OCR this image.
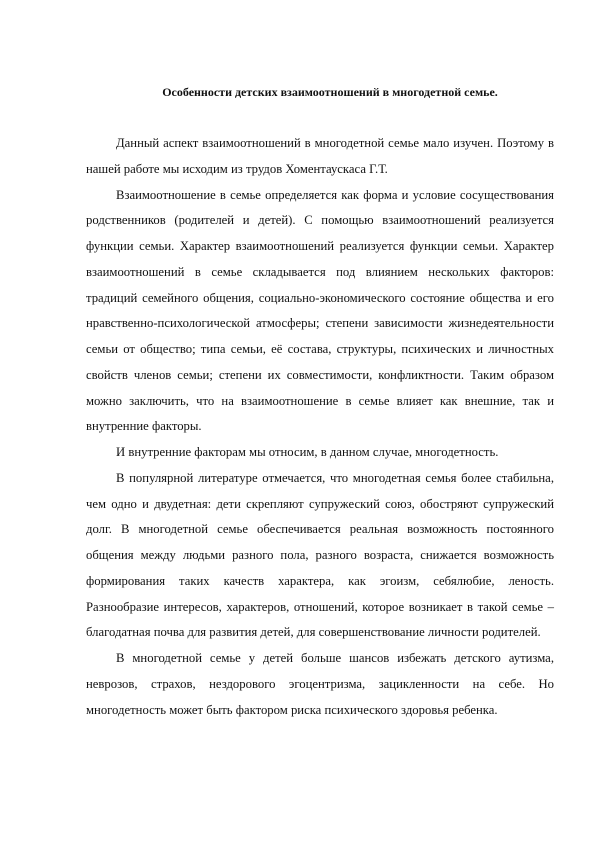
Особенности детских взаимоотношений в многодетной семье.

Данный аспект взаимоотношений в многодетной семье мало изучен. Поэтому в нашей работе мы исходим из трудов Хоментаускаса Г.Т.

Взаимоотношение в семье определяется как форма и условие сосуществования родственников (родителей и детей). С помощью взаимоотношений реализуется функции семьи. Характер взаимоотношений реализуется функции семьи. Характер взаимоотношений в семье складывается под влиянием нескольких факторов: традиций семейного общения, социально-экономического состояние общества и его нравственно-психологической атмосферы; степени зависимости жизнедеятельности семьи от общество; типа семьи, её состава, структуры, психических и личностных свойств членов семьи; степени их совместимости, конфликтности. Таким образом можно заключить, что на взаимоотношение в семье влияет как внешние, так и внутренние факторы.

И внутренние факторам мы относим, в данном случае, многодетность.

В популярной литературе отмечается, что многодетная семья более стабильна, чем одно и двудетная: дети скрепляют супружеский союз, обостряют супружеский долг. В многодетной семье обеспечивается реальная возможность постоянного общения между людьми разного пола, разного возраста, снижается возможность формирования таких качеств характера, как эгоизм, себялюбие, леность. Разнообразие интересов, характеров, отношений, которое возникает в такой семье – благодатная почва для развития детей, для совершенствование личности родителей.

В многодетной семье у детей больше шансов избежать детского аутизма, неврозов, страхов, нездорового эгоцентризма, зацикленности на себе. Но многодетность может быть фактором риска психического здоровья ребенка.
